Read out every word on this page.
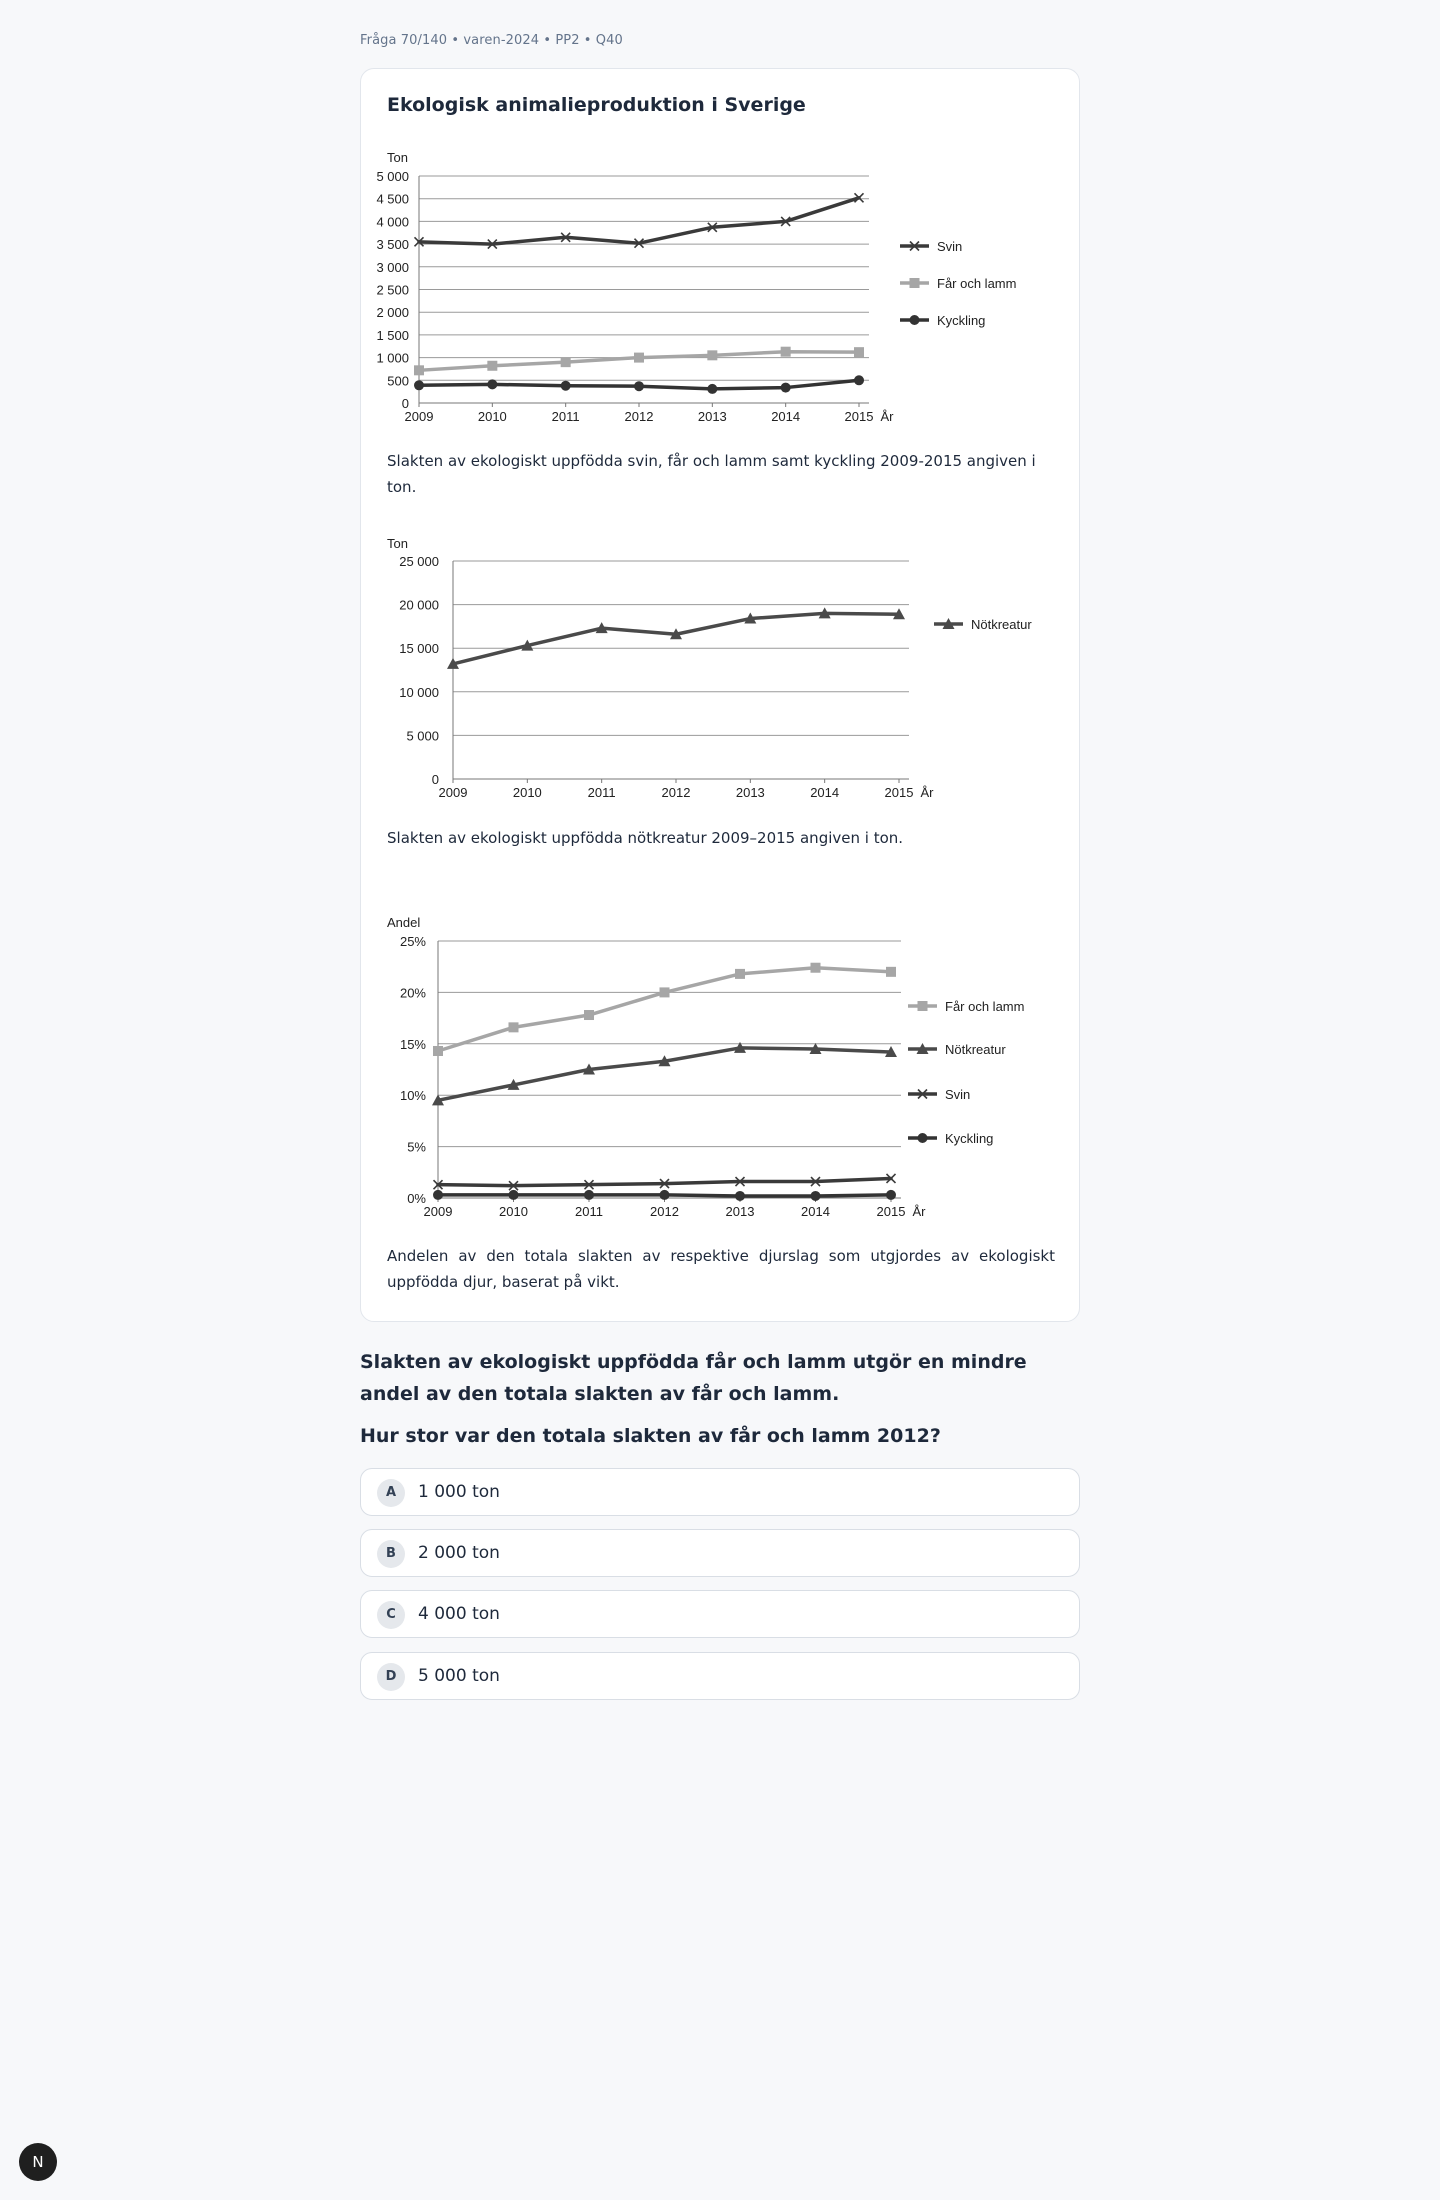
Fråga 70/140 • varen-2024 • PP2 • Q40
Ekologisk animalieproduktion i Sverige
Ton
0
500
1 000
1 500
2 000
2 500
3 000
3 500
4 000
4 500
5 000
2009	2010	2011	2012	2013	2014	2015 År
Svin
Får och lamm
Kyckling
Slakten av ekologiskt uppfödda svin, får och lamm samt kyckling 2009-2015 angiven i ton.
Ton
0
5 000
10 000
15 000
20 000
25 000
2009	2010	2011	2012	2013	2014	2015 År
Nötkreatur
Slakten av ekologiskt uppfödda nötkreatur 2009–2015 angiven i ton.
Andel
0%
5%
10%
15%
20%
25%
2009	2010	2011	2012	2013	2014	2015 År
Får och lamm
Nötkreatur
Svin
Kyckling
Andelen av den totala slakten av respektive djurslag som utgjordes av ekologiskt uppfödda djur, baserat på vikt.
Slakten av ekologiskt uppfödda får och lamm utgör en mindre andel av den totala slakten av får och lamm.
Hur stor var den totala slakten av får och lamm 2012?
A	1 000 ton
B	2 000 ton
C	4 000 ton
D	5 000 ton
N
